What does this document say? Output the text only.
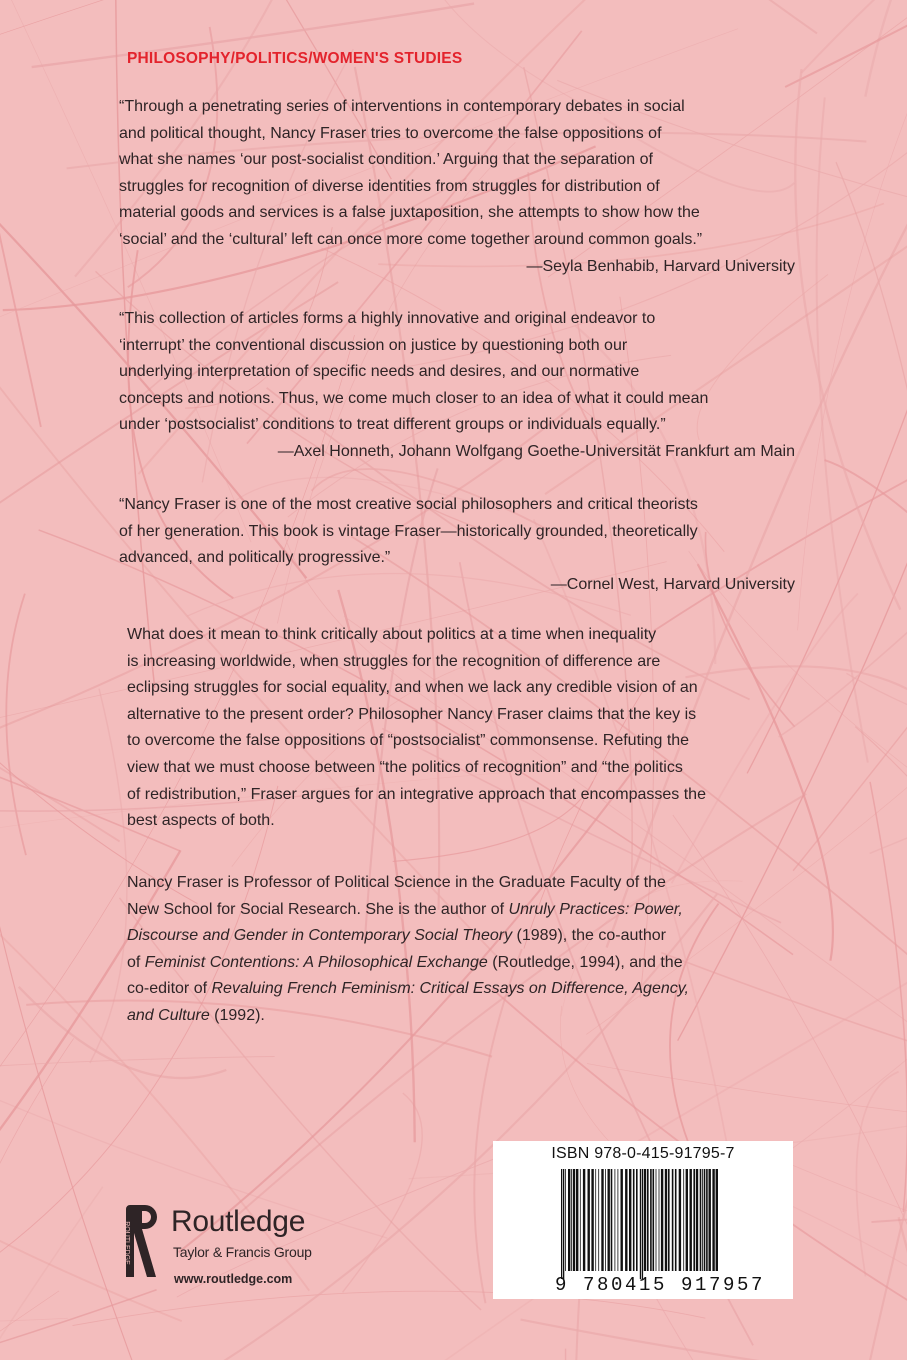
PHILOSOPHY/POLITICS/WOMEN'S STUDIES

“Through a penetrating series of interventions in contemporary debates in social
and political thought, Nancy Fraser tries to overcome the false oppositions of
what she names ‘our post-socialist condition.’ Arguing that the separation of
struggles for recognition of diverse identities from struggles for distribution of
material goods and services is a false juxtaposition, she attempts to show how the
‘social’ and the ‘cultural’ left can once more come together around common goals.”

—Seyla Benhabib, Harvard University

“This collection of articles forms a highly innovative and original endeavor to
‘interrupt’ the conventional discussion on justice by questioning both our
underlying interpretation of specific needs and desires, and our normative
concepts and notions. Thus, we come much closer to an idea of what it could mean
under ‘postsocialist’ conditions to treat different groups or individuals equally.”

—Axel Honneth, Johann Wolfgang Goethe-Universität Frankfurt am Main

“Nancy Fraser is one of the most creative social philosophers and critical theorists
of her generation. This book is vintage Fraser—historically grounded, theoretically
advanced, and politically progressive.”

—Cornel West, Harvard University

What does it mean to think critically about politics at a time when inequality
is increasing worldwide, when struggles for the recognition of difference are
eclipsing struggles for social equality, and when we lack any credible vision of an
alternative to the present order? Philosopher Nancy Fraser claims that the key is
to overcome the false oppositions of “postsocialist” commonsense. Refuting the
view that we must choose between “the politics of recognition” and “the politics
of redistribution,” Fraser argues for an integrative approach that encompasses the
best aspects of both.

Nancy Fraser is Professor of Political Science in the Graduate Faculty of the
New School for Social Research. She is the author of Unruly Practices: Power,
Discourse and Gender in Contemporary Social Theory (1989), the co-author
of Feminist Contentions: A Philosophical Exchange (Routledge, 1994), and the
co-editor of Revaluing French Feminism: Critical Essays on Difference, Agency,
and Culture (1992).

ROUTLEDGE Routledge
Taylor & Francis Group
www.routledge.com
ISBN 978-0-415-91795-7
9 780415 917957
